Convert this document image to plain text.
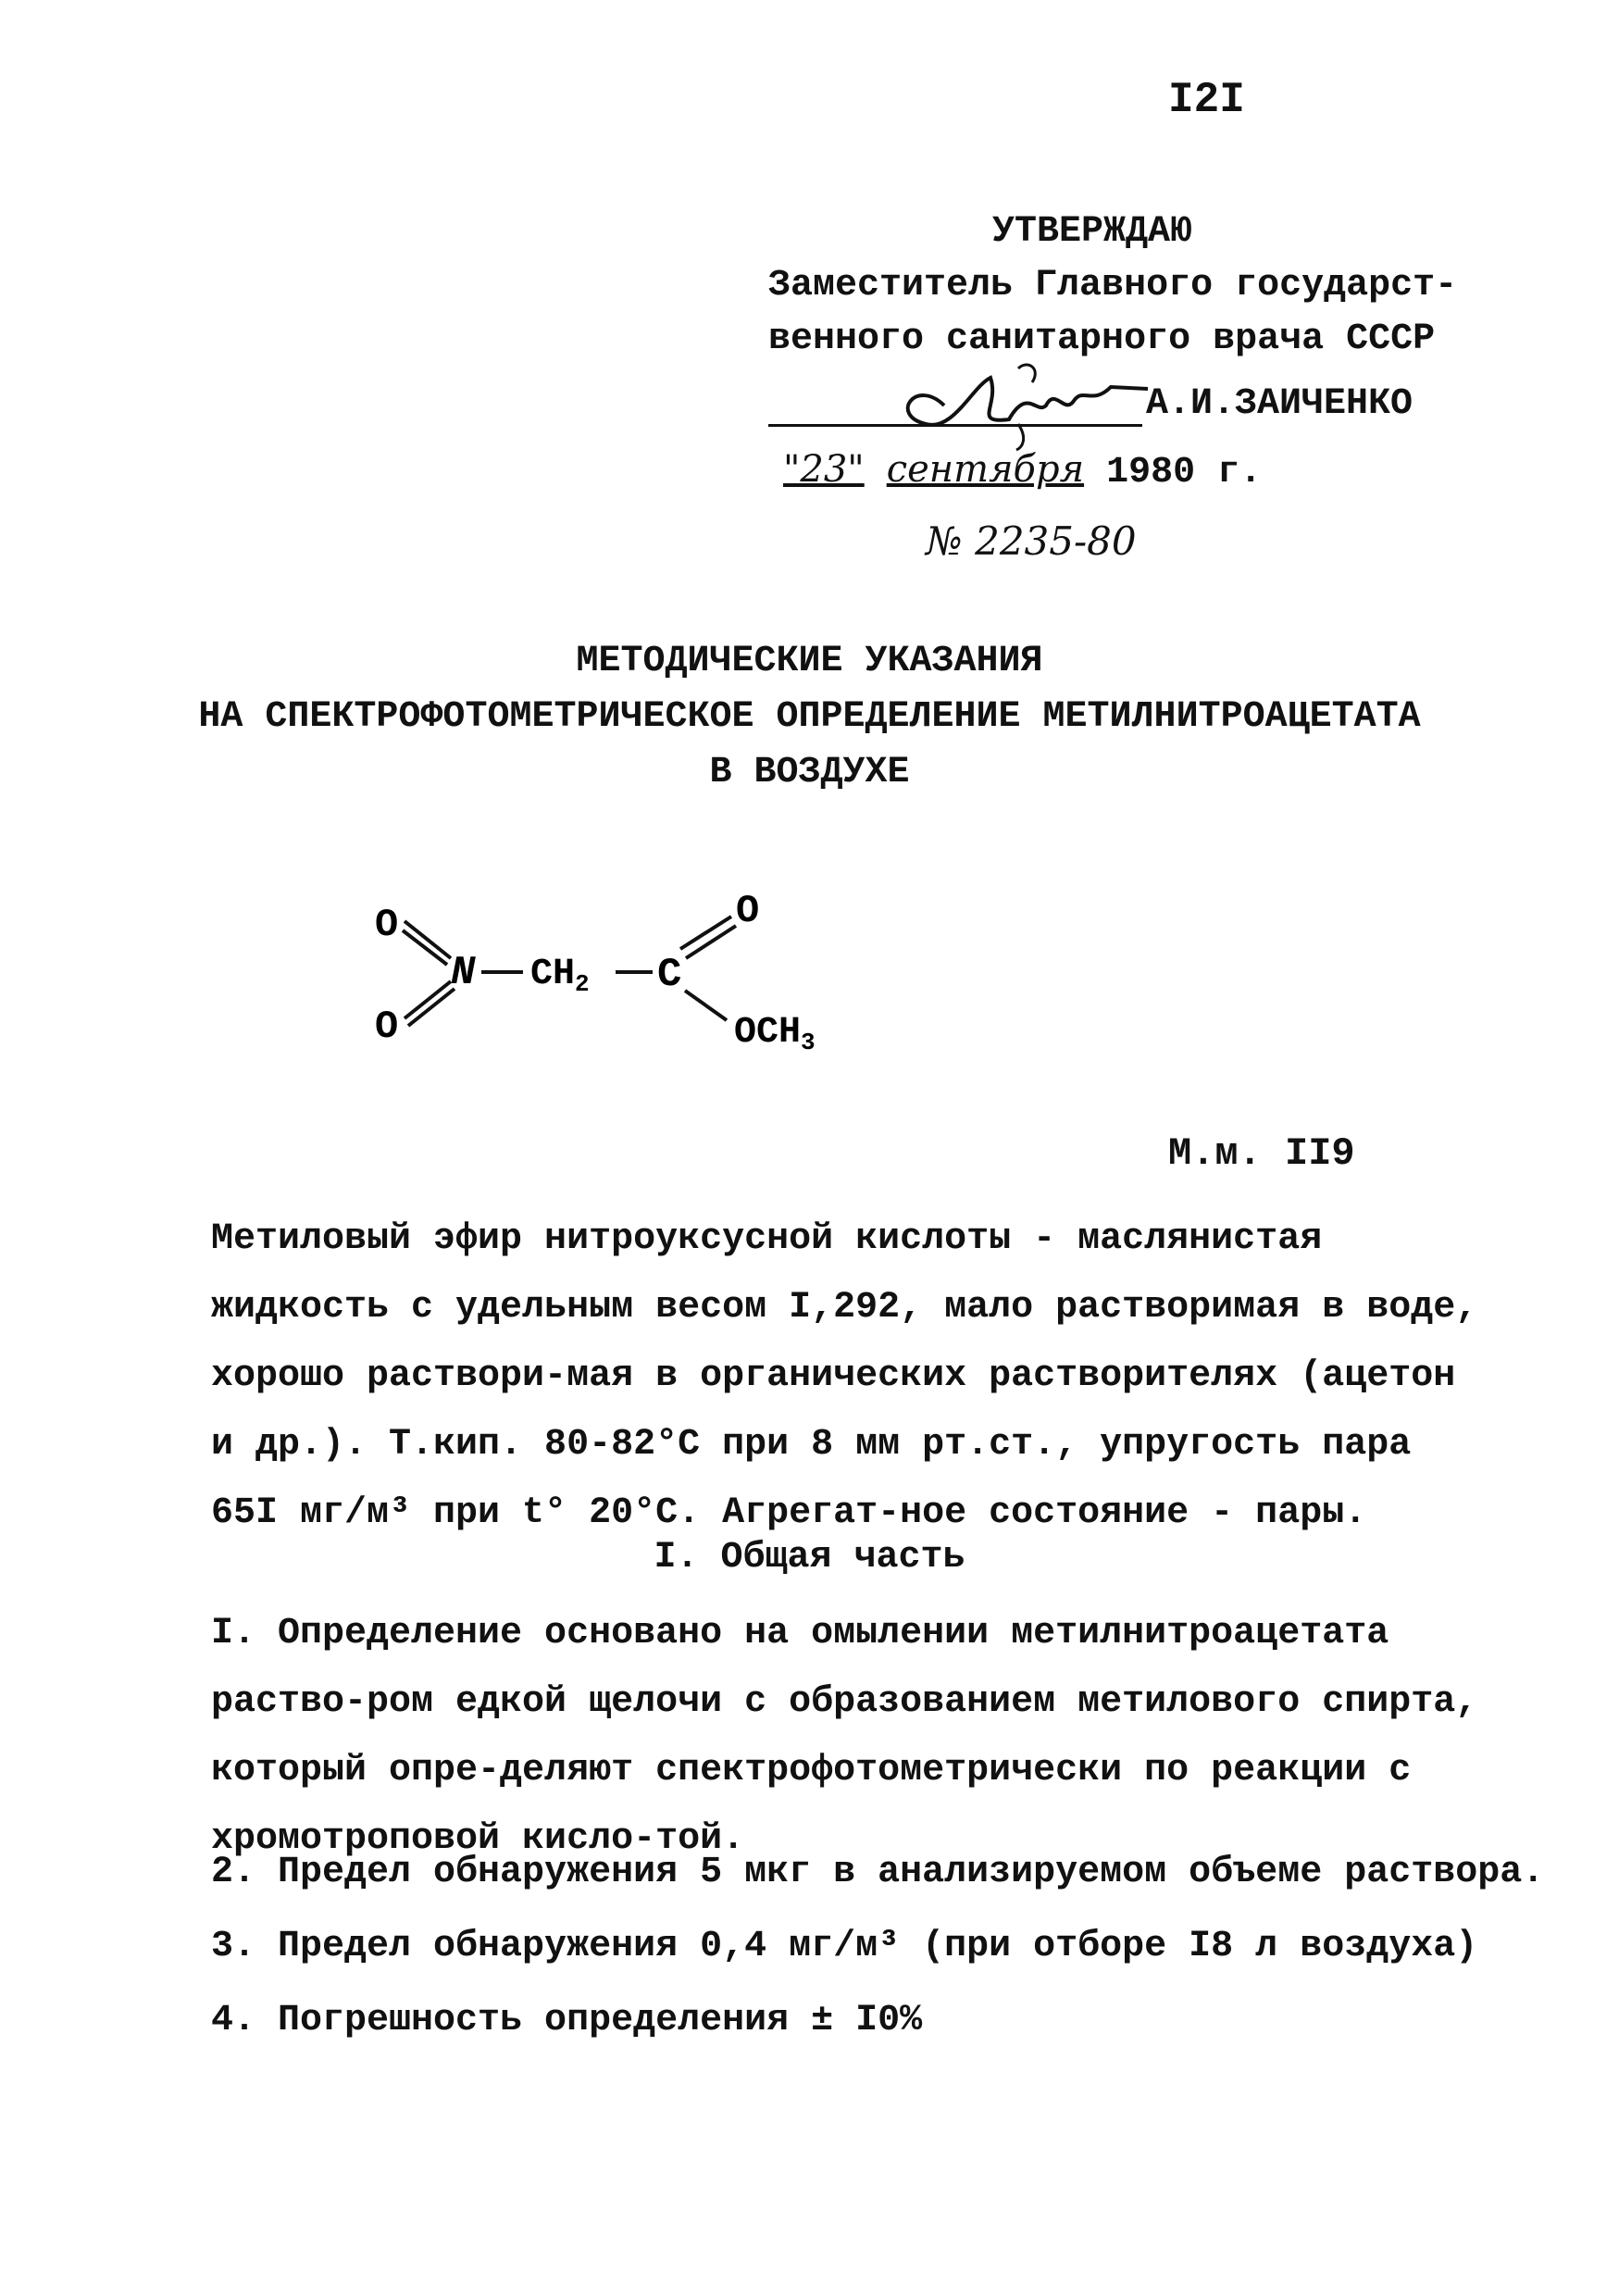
I2I
УТВЕРЖДАЮ
Заместитель Главного государст-
венного санитарного врача СССР
А.И.ЗАИЧЕНКО
"23" сентября 1980 г.
№ 2235-80
МЕТОДИЧЕСКИЕ УКАЗАНИЯ
НА СПЕКТРОФОТОМЕТРИЧЕСКОЕ ОПРЕДЕЛЕНИЕ МЕТИЛНИТРОАЦЕТАТА
В ВОЗДУХЕ
O
O
N $CH_2$ C
O
$OCH_3$
М.м. II9
Метиловый эфир нитроуксусной кислоты - маслянистая жидкость с удельным весом I,292, мало растворимая в воде, хорошо раствори-мая в органических растворителях (ацетон и др.). Т.кип. 80-82°С при 8 мм рт.ст., упругость пара 65I мг/м³ при t° 20°С. Агрегат-ное состояние - пары.
I. Общая часть
I. Определение основано на омылении метилнитроацетата раство-ром едкой щелочи с образованием метилового спирта, который опре-деляют спектрофотометрически по реакции с хромотроповой кисло-той.
2. Предел обнаружения 5 мкг в анализируемом объеме раствора.
3. Предел обнаружения 0,4 мг/м³ (при отборе I8 л воздуха)
4. Погрешность определения ± I0%
